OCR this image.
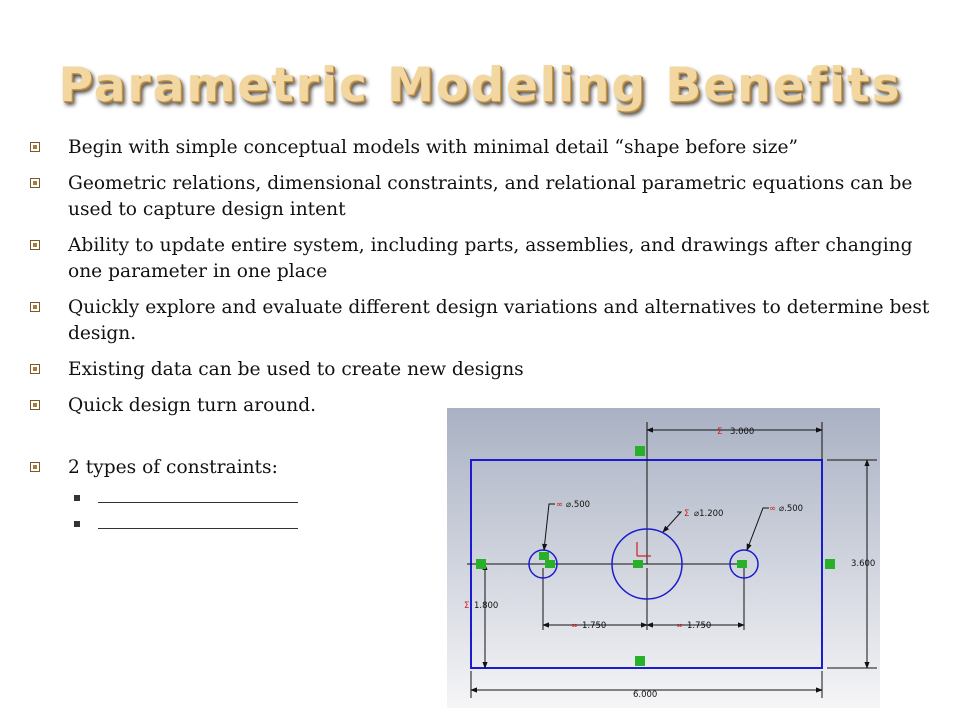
Parametric Modeling Benefits
Begin with simple conceptual models with minimal detail “shape before size”
Geometric relations, dimensional constraints, and relational parametric equations can be used to capture design intent
Ability to update entire system, including parts, assemblies, and drawings after changing one parameter in one place
Quickly explore and evaluate different design variations and alternatives to determine best design.
Existing data can be used to create new designs
Quick design turn around.
2 types of constraints:
3.000
Σ
3.600
1.800
Σ
6.000
1.750
∞	1.750
∞
⌀.500
∞
⌀1.200
Σ	⌀.500
∞
